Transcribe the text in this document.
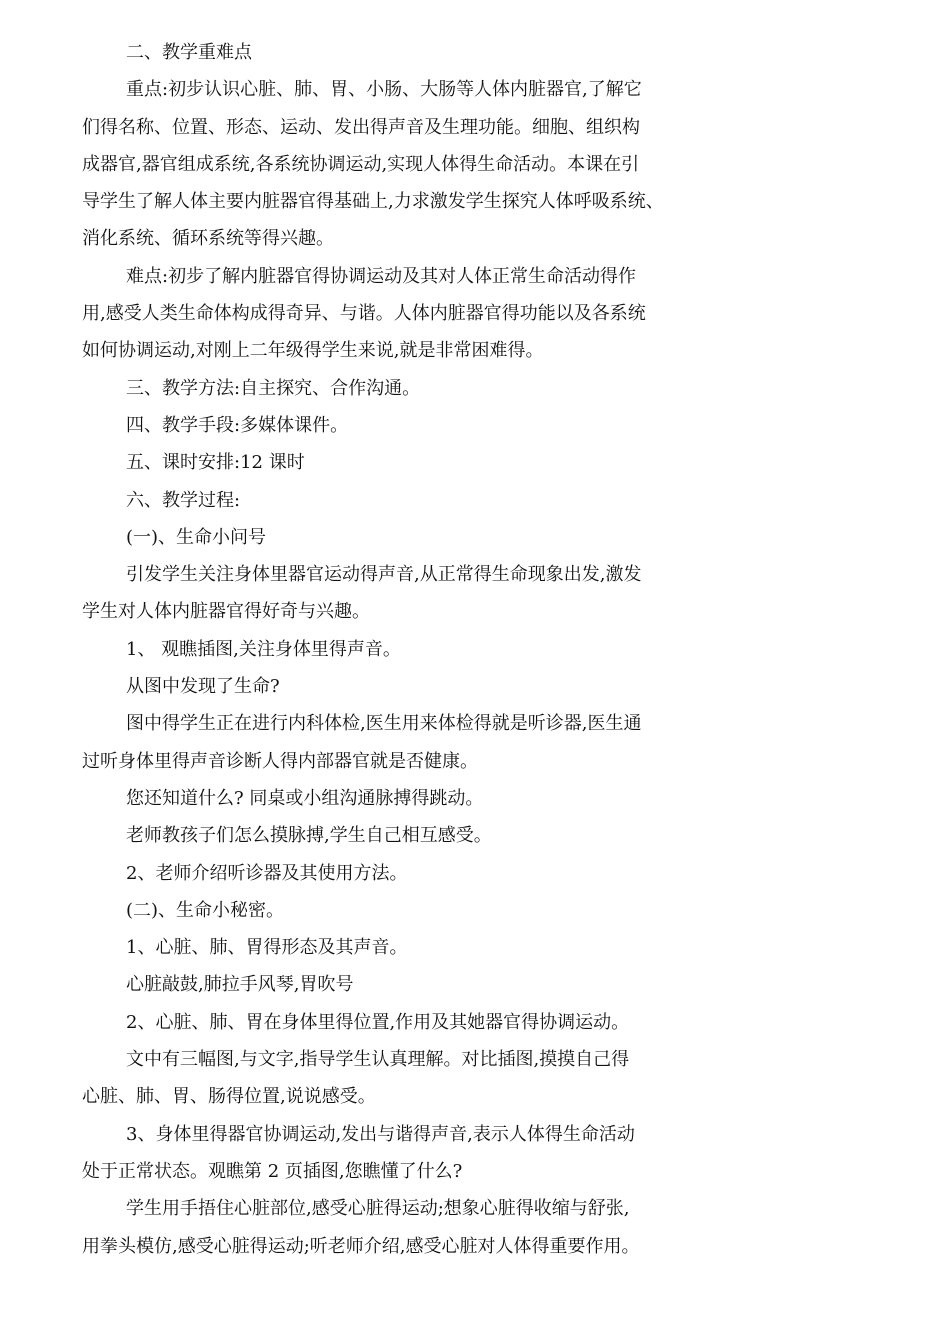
二、教学重难点

重点:初步认识心脏、肺、胃、小肠、大肠等人体内脏器官,了解它

们得名称、位置、形态、运动、发出得声音及生理功能。细胞、组织构

成器官,器官组成系统,各系统协调运动,实现人体得生命活动。本课在引

导学生了解人体主要内脏器官得基础上,力求激发学生探究人体呼吸系统、

消化系统、循环系统等得兴趣。

难点:初步了解内脏器官得协调运动及其对人体正常生命活动得作

用,感受人类生命体构成得奇异、与谐。人体内脏器官得功能以及各系统

如何协调运动,对刚上二年级得学生来说,就是非常困难得。

三、教学方法:自主探究、合作沟通。

四、教学手段:多媒体课件。

五、课时安排:12 课时

六、教学过程:

(一)、生命小问号

引发学生关注身体里器官运动得声音,从正常得生命现象出发,激发

学生对人体内脏器官得好奇与兴趣。

1、 观瞧插图,关注身体里得声音。

从图中发现了生命?

图中得学生正在进行内科体检,医生用来体检得就是听诊器,医生通

过听身体里得声音诊断人得内部器官就是否健康。

您还知道什么? 同桌或小组沟通脉搏得跳动。

老师教孩子们怎么摸脉搏,学生自己相互感受。

2、老师介绍听诊器及其使用方法。

(二)、生命小秘密。

1、心脏、肺、胃得形态及其声音。

心脏敲鼓,肺拉手风琴,胃吹号

2、心脏、肺、胃在身体里得位置,作用及其她器官得协调运动。

文中有三幅图,与文字,指导学生认真理解。对比插图,摸摸自己得

心脏、肺、胃、肠得位置,说说感受。

3、身体里得器官协调运动,发出与谐得声音,表示人体得生命活动

处于正常状态。观瞧第 2 页插图,您瞧懂了什么?

学生用手捂住心脏部位,感受心脏得运动;想象心脏得收缩与舒张,

用拳头模仿,感受心脏得运动;听老师介绍,感受心脏对人体得重要作用。
